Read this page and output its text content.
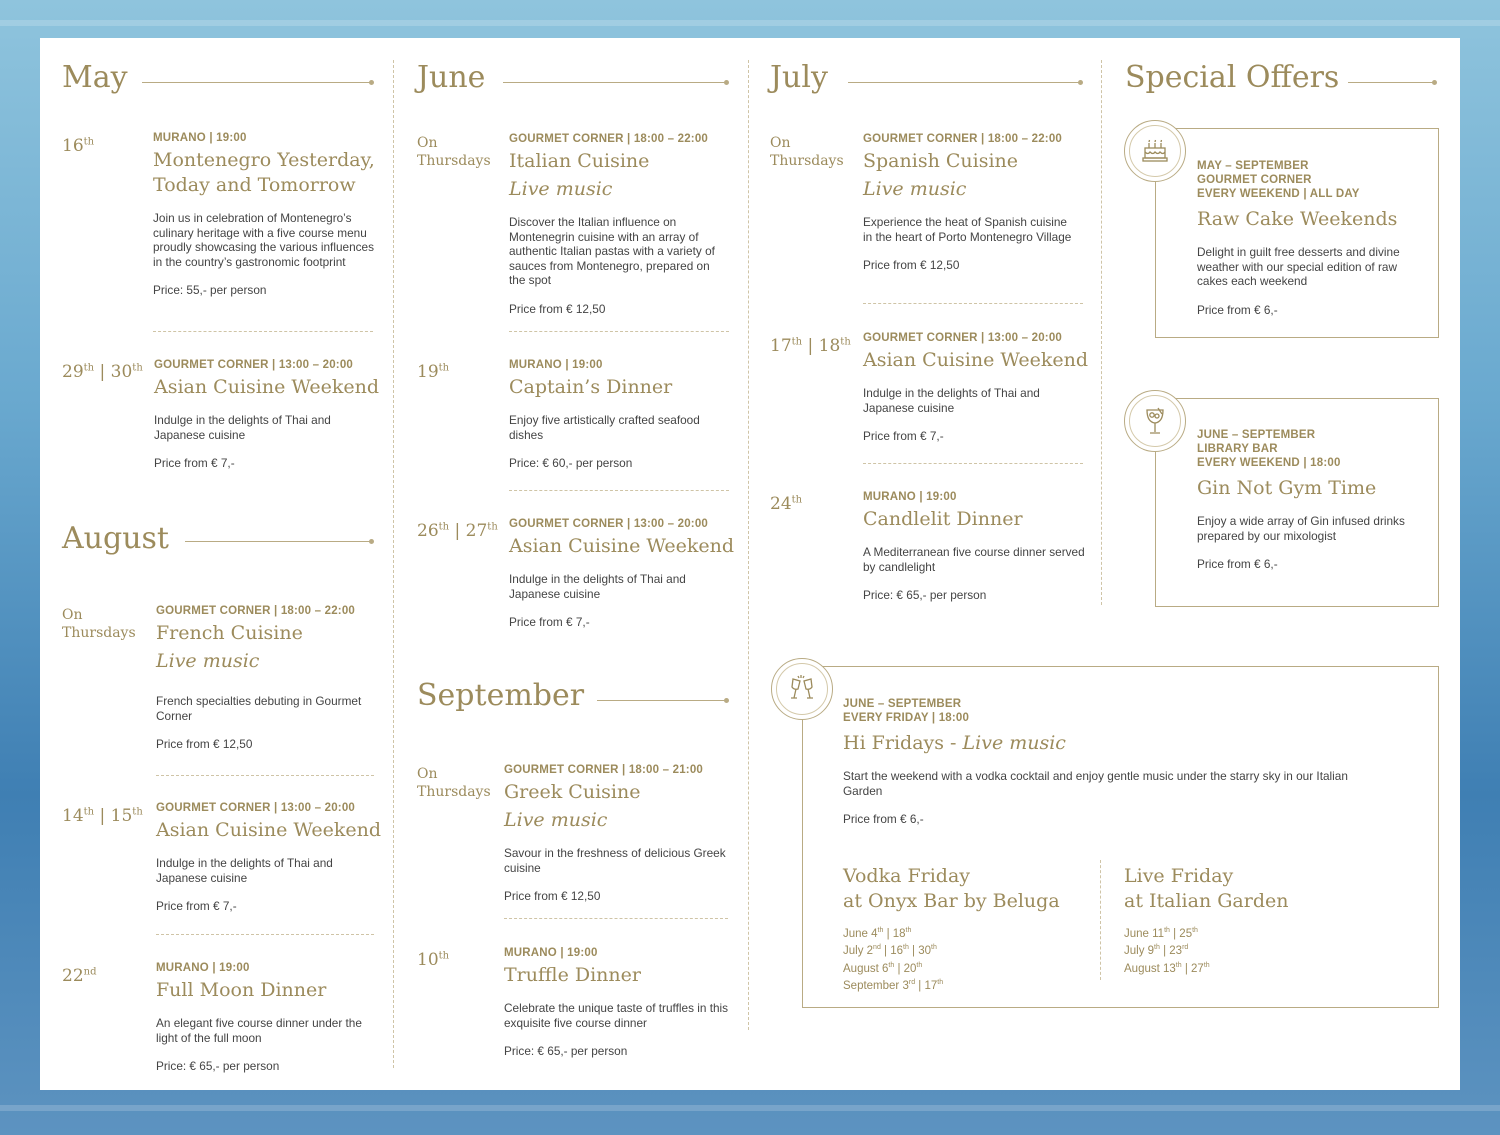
May
16th	MURANO | 19:00
Montenegro Yesterday, Today and Tomorrow
Join us in celebration of Montenegro’s culinary heritage with a five course menu proudly showcasing the various influences in the country’s gastronomic footprint
Price: 55,- per person
29th | 30th GOURMET CORNER | 13:00 – 20:00
Asian Cuisine Weekend
Indulge in the delights of Thai and Japanese cuisine
Price from € 7,-
August
On Thursdays
GOURMET CORNER | 18:00 – 22:00
French Cuisine
Live music
French specialties debuting in Gourmet Corner
Price from € 12,50
14th | 15th GOURMET CORNER | 13:00 – 20:00
Asian Cuisine Weekend
Indulge in the delights of Thai and Japanese cuisine
Price from € 7,-
22nd	MURANO | 19:00
Full Moon Dinner
An elegant five course dinner under the light of the full moon
Price: € 65,- per person
June
On Thursdays
GOURMET CORNER | 18:00 – 22:00
Italian Cuisine
Live music
Discover the Italian influence on Montenegrin cuisine with an array of authentic Italian pastas with a variety of sauces from Montenegro, prepared on the spot
Price from € 12,50
19th	MURANO | 19:00
Captain’s Dinner
Enjoy five artistically crafted seafood dishes
Price: € 60,- per person
26th | 27th GOURMET CORNER | 13:00 – 20:00
Asian Cuisine Weekend
Indulge in the delights of Thai and Japanese cuisine
Price from € 7,-
September
On Thursdays
GOURMET CORNER | 18:00 – 21:00
Greek Cuisine
Live music
Savour in the freshness of delicious Greek cuisine
Price from € 12,50
10th	MURANO | 19:00
Truffle Dinner
Celebrate the unique taste of truffles in this exquisite five course dinner
Price: € 65,- per person
July
On Thursdays
GOURMET CORNER | 18:00 – 22:00
Spanish Cuisine
Live music
Experience the heat of Spanish cuisine in the heart of Porto Montenegro Village
Price from € 12,50
17th | 18th GOURMET CORNER | 13:00 – 20:00
Asian Cuisine Weekend
Indulge in the delights of Thai and Japanese cuisine
Price from € 7,-
24th	MURANO | 19:00
Candlelit Dinner
A Mediterranean five course dinner served by candlelight
Price: € 65,- per person
Special Offers
MAY – SEPTEMBER
GOURMET CORNER
EVERY WEEKEND | ALL DAY
Raw Cake Weekends
Delight in guilt free desserts and divine weather with our special edition of raw cakes each weekend
Price from € 6,-
JUNE – SEPTEMBER
LIBRARY BAR
EVERY WEEKEND | 18:00
Gin Not Gym Time
Enjoy a wide array of Gin infused drinks prepared by our mixologist
Price from € 6,-
JUNE – SEPTEMBER
EVERY FRIDAY | 18:00
Hi Fridays - Live music
Start the weekend with a vodka cocktail and enjoy gentle music under the starry sky in our Italian Garden
Price from € 6,-
Vodka Friday
at Onyx Bar by Beluga
June 4th | 18th
July 2nd | 16th | 30th
August 6th | 20th
September 3rd | 17th
Live Friday
at Italian Garden
June 11th | 25th
July 9th | 23rd
August 13th | 27th
